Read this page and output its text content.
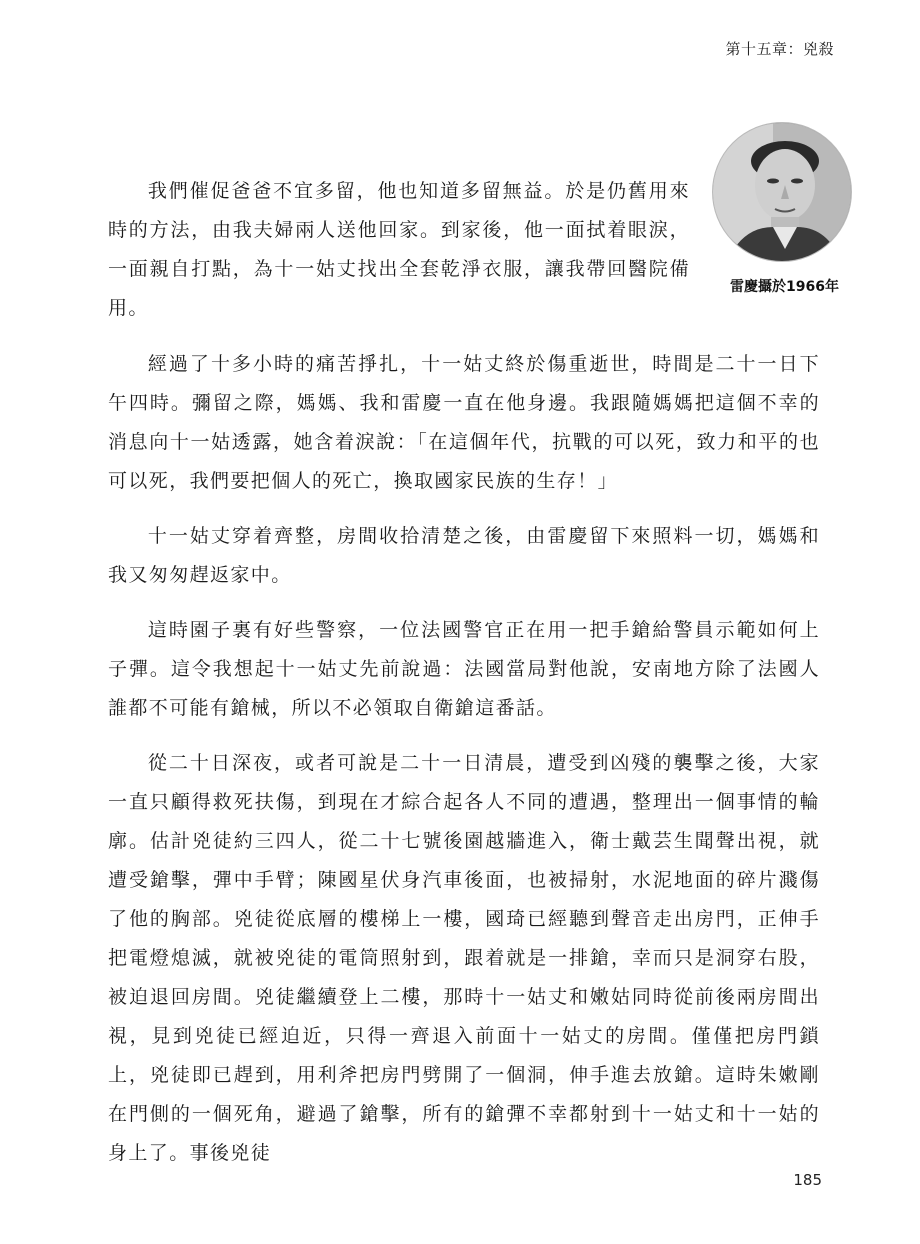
第十五章：兇殺
雷慶攝於1966年

我們催促爸爸不宜多留，他也知道多留無益。於是仍舊用來時的方法，由我夫婦兩人送他回家。到家後，他一面拭着眼淚，一面親自打點，為十一姑丈找出全套乾淨衣服，讓我帶回醫院備用。

經過了十多小時的痛苦掙扎，十一姑丈終於傷重逝世，時間是二十一日下午四時。彌留之際，媽媽、我和雷慶一直在他身邊。我跟隨媽媽把這個不幸的消息向十一姑透露，她含着淚說：「在這個年代，抗戰的可以死，致力和平的也可以死，我們要把個人的死亡，換取國家民族的生存！」

十一姑丈穿着齊整，房間收拾清楚之後，由雷慶留下來照料一切，媽媽和我又匆匆趕返家中。

這時園子裏有好些警察，一位法國警官正在用一把手鎗給警員示範如何上子彈。這令我想起十一姑丈先前說過：法國當局對他說，安南地方除了法國人誰都不可能有鎗械，所以不必領取自衛鎗這番話。

從二十日深夜，或者可說是二十一日清晨，遭受到凶殘的襲擊之後，大家一直只顧得救死扶傷，到現在才綜合起各人不同的遭遇，整理出一個事情的輪廓。估計兇徒約三四人，從二十七號後園越牆進入，衛士戴芸生聞聲出視，就遭受鎗擊，彈中手臂；陳國星伏身汽車後面，也被掃射，水泥地面的碎片濺傷了他的胸部。兇徒從底層的樓梯上一樓，國琦已經聽到聲音走出房門，正伸手把電燈熄滅，就被兇徒的電筒照射到，跟着就是一排鎗，幸而只是洞穿右股，被迫退回房間。兇徒繼續登上二樓，那時十一姑丈和嫩姑同時從前後兩房間出視，見到兇徒已經迫近，只得一齊退入前面十一姑丈的房間。僅僅把房門鎖上，兇徒即已趕到，用利斧把房門劈開了一個洞，伸手進去放鎗。這時朱嫩剛在門側的一個死角，避過了鎗擊，所有的鎗彈不幸都射到十一姑丈和十一姑的身上了。事後兇徒

185
